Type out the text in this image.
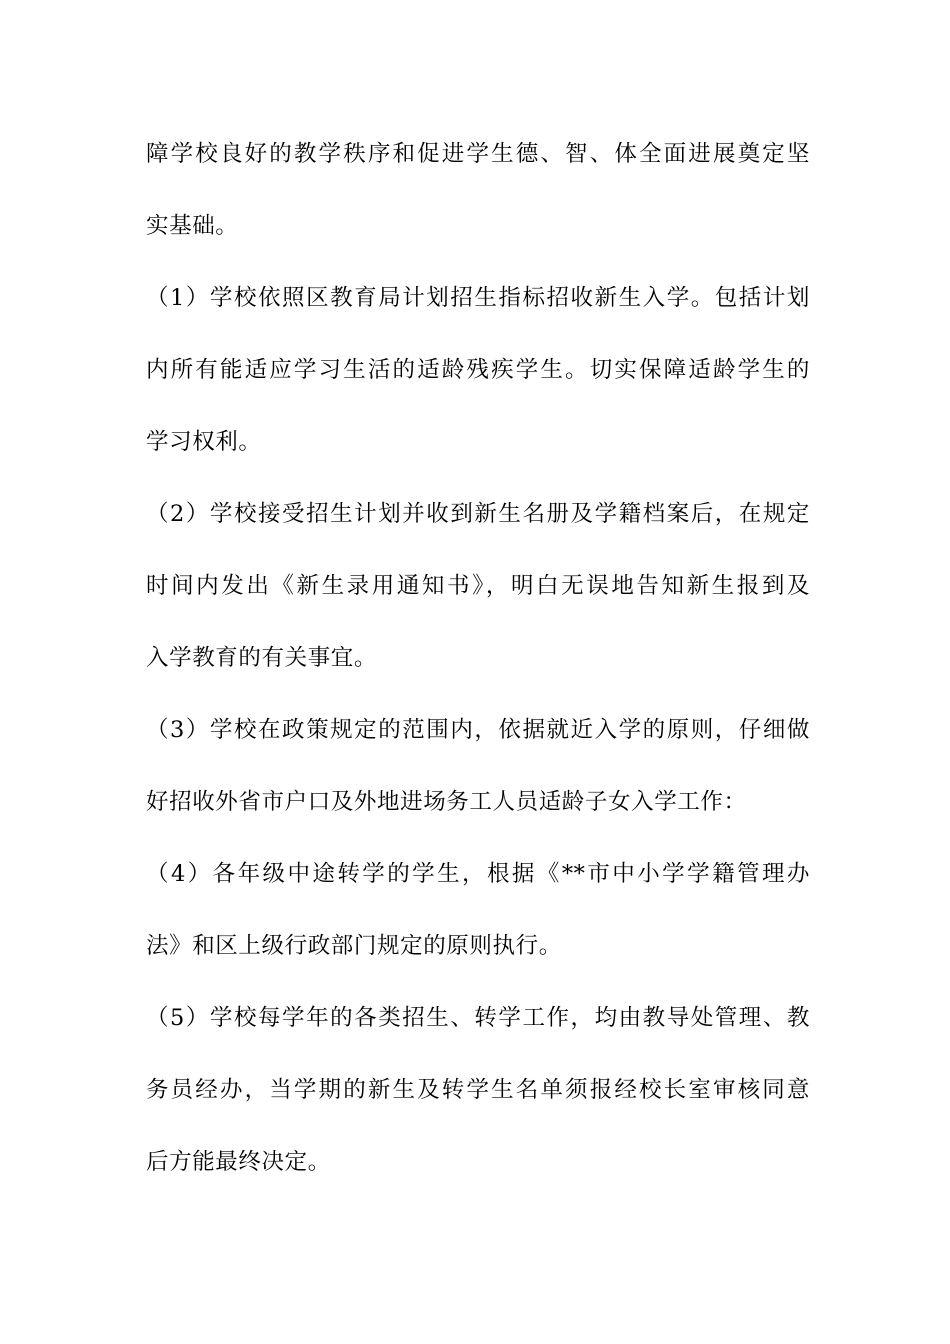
障学校良好的教学秩序和促进学生德、智、体全面进展奠定坚
实基础。
（1）学校依照区教育局计划招生指标招收新生入学。包括计划
内所有能适应学习生活的适龄残疾学生。切实保障适龄学生的
学习权利。
（2）学校接受招生计划并收到新生名册及学籍档案后，在规定
时间内发出《新生录用通知书》，明白无误地告知新生报到及
入学教育的有关事宜。
（3）学校在政策规定的范围内，依据就近入学的原则，仔细做
好招收外省市户口及外地进场务工人员适龄子女入学工作：
（4）各年级中途转学的学生，根据《**市中小学学籍管理办
法》和区上级行政部门规定的原则执行。
（5）学校每学年的各类招生、转学工作，均由教导处管理、教
务员经办，当学期的新生及转学生名单须报经校长室审核同意
后方能最终决定。
